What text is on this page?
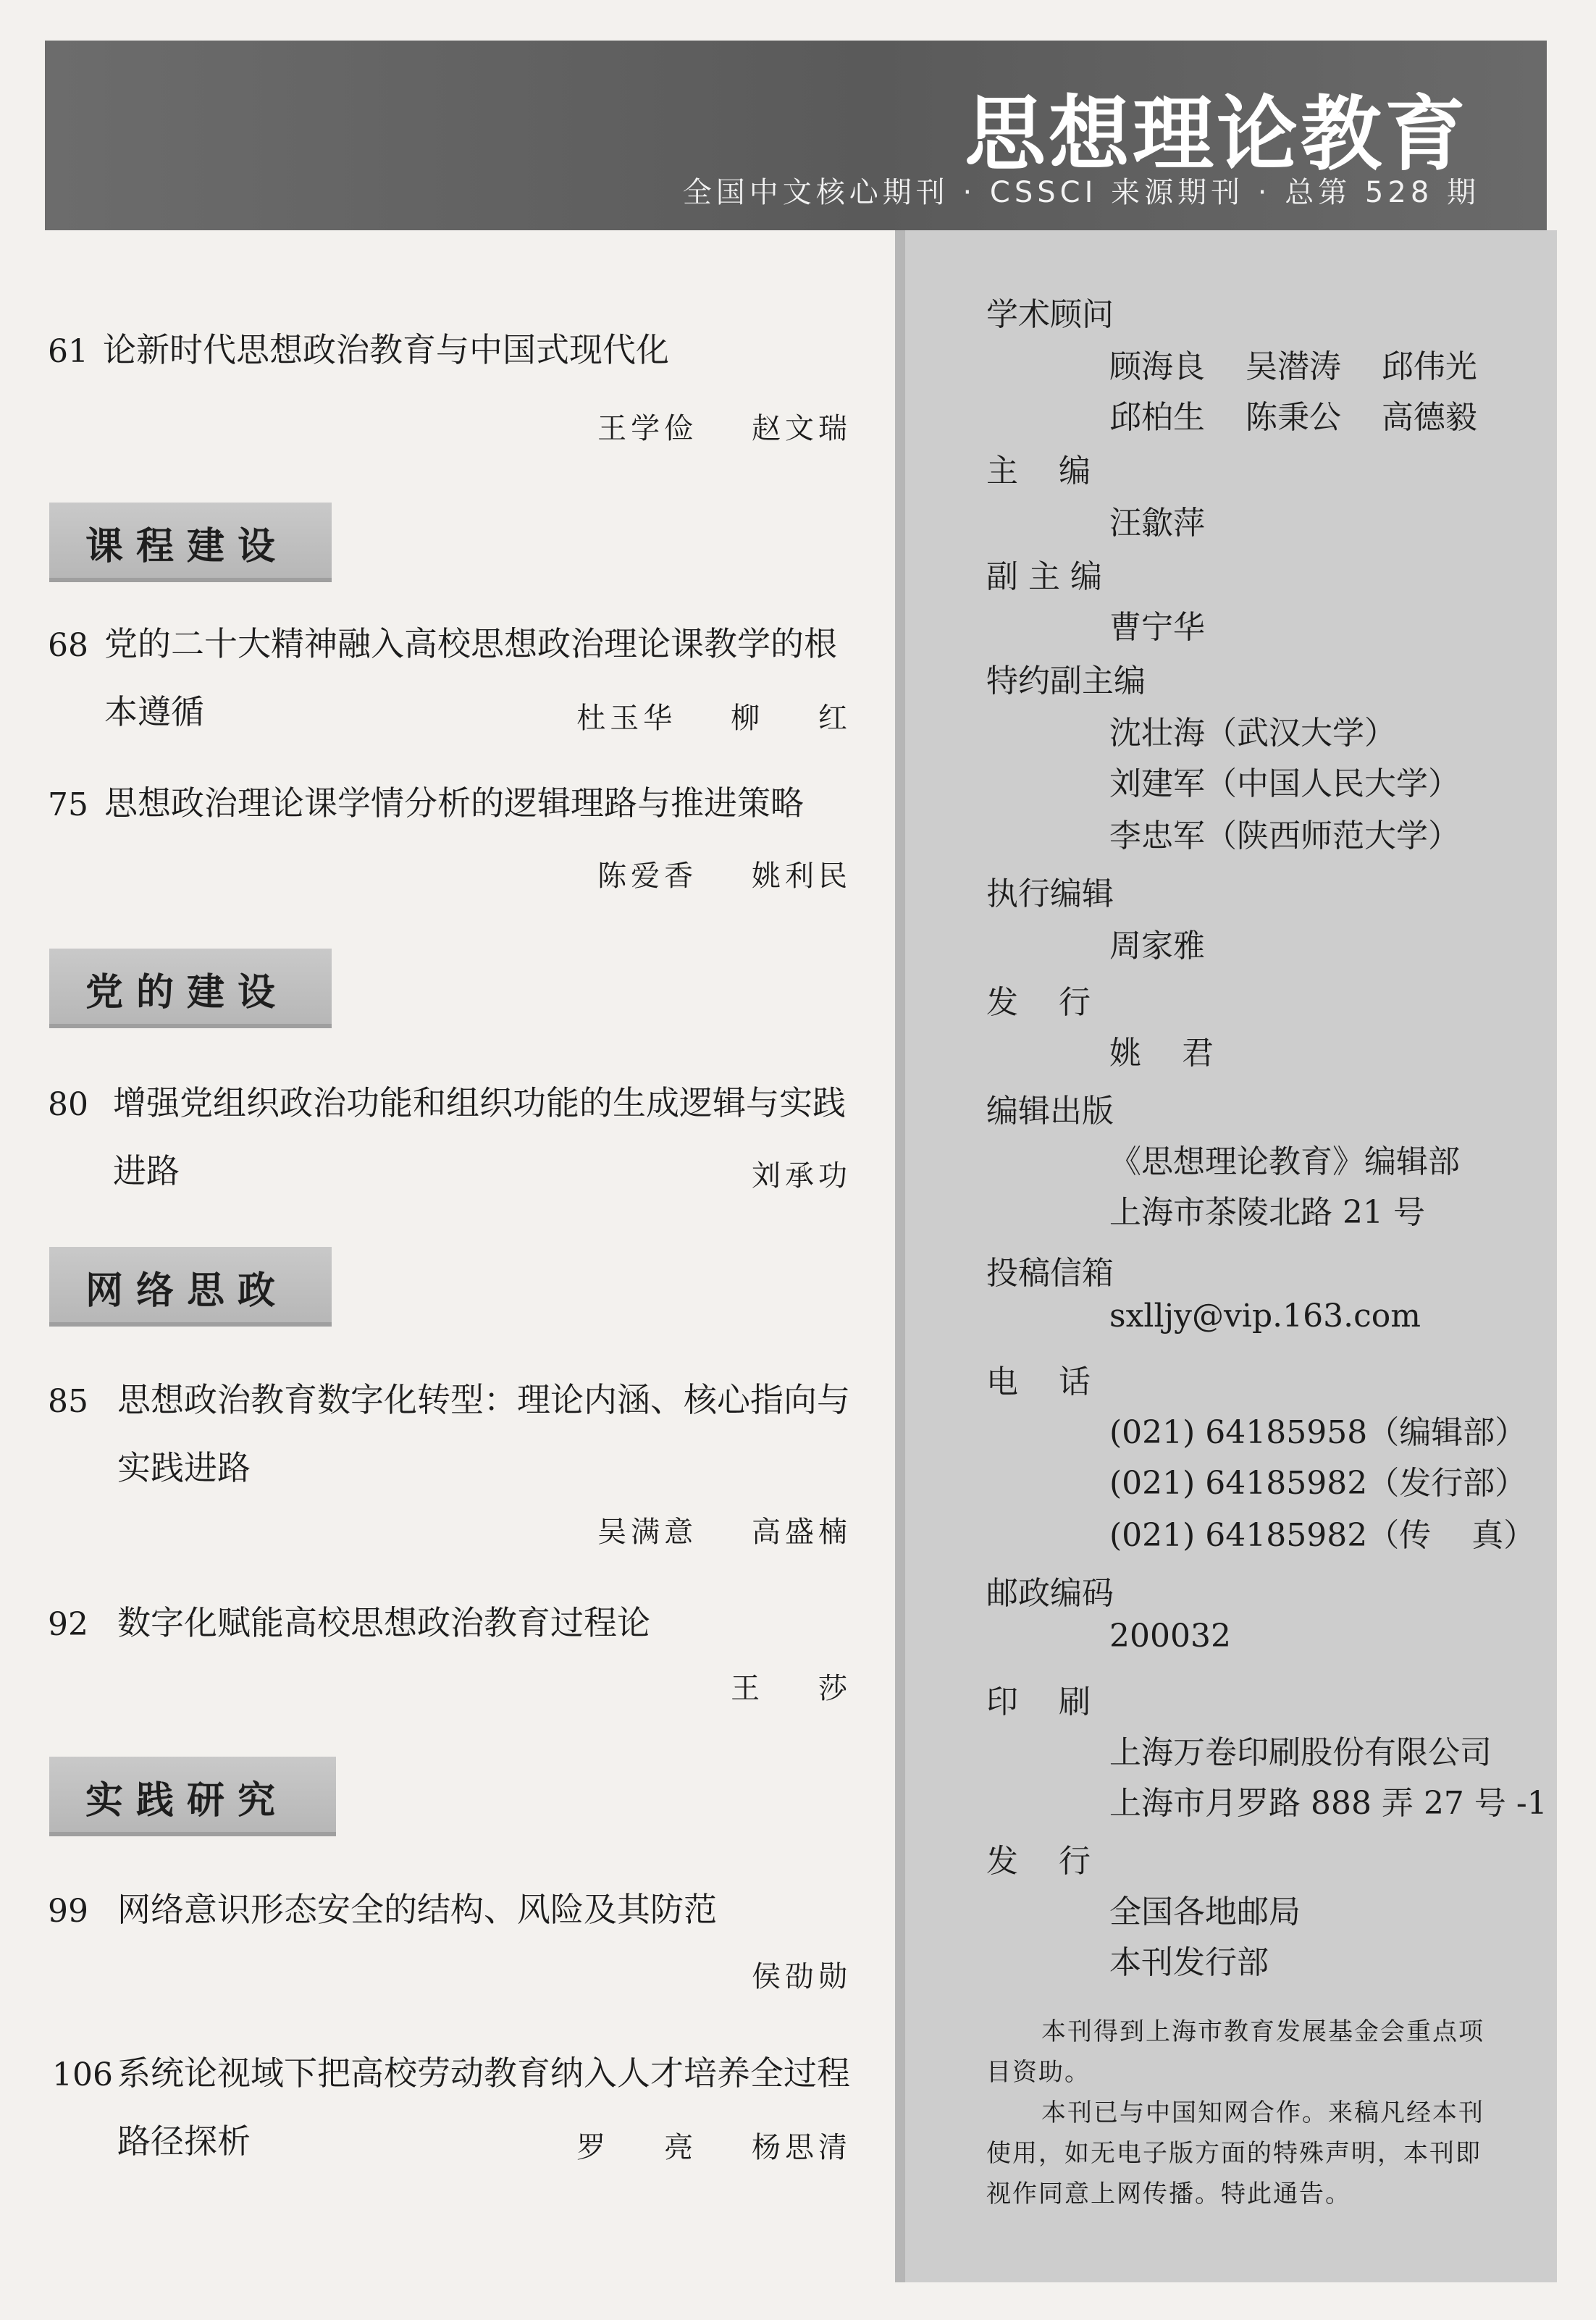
思想理论教育
全国中文核心期刊 · CSSCI 来源期刊 · 总第 528 期
61 论新时代思想政治教育与中国式现代化
王学俭    赵文瑞
课程建设
68 党的二十大精神融入高校思想政治理论课教学的根本遵循	杜玉华    柳    红
75 思想政治理论课学情分析的逻辑理路与推进策略
陈爱香    姚利民
党的建设
80 增强党组织政治功能和组织功能的生成逻辑与实践进路	刘承功
网络思政
85 思想政治教育数字化转型：理论内涵、核心指向与实践进路
吴满意    高盛楠
92 数字化赋能高校思想政治教育过程论
王    莎
实践研究
99 网络意识形态安全的结构、风险及其防范
侯劭勋
106 系统论视域下把高校劳动教育纳入人才培养全过程路径探析	罗    亮    杨思清
学术顾问
顾海良    吴潜涛    邱伟光
邱柏生    陈秉公    高德毅
主    编
汪歙萍
副 主 编
曹宁华
特约副主编
沈壮海（武汉大学）
刘建军（中国人民大学）
李忠军（陕西师范大学）
执行编辑
周家雅
发    行
姚    君
编辑出版
《思想理论教育》编辑部
上海市茶陵北路 21 号
投稿信箱
sxlljy@vip.163.com
电    话
(021) 64185958（编辑部）
(021) 64185982（发行部）
(021) 64185982（传    真）
邮政编码
200032
印    刷
上海万卷印刷股份有限公司
上海市月罗路 888 弄 27 号 -1
发    行
全国各地邮局
本刊发行部

本刊得到上海市教育发展基金会重点项目资助。

本刊已与中国知网合作。来稿凡经本刊使用，如无电子版方面的特殊声明，本刊即视作同意上网传播。特此通告。
